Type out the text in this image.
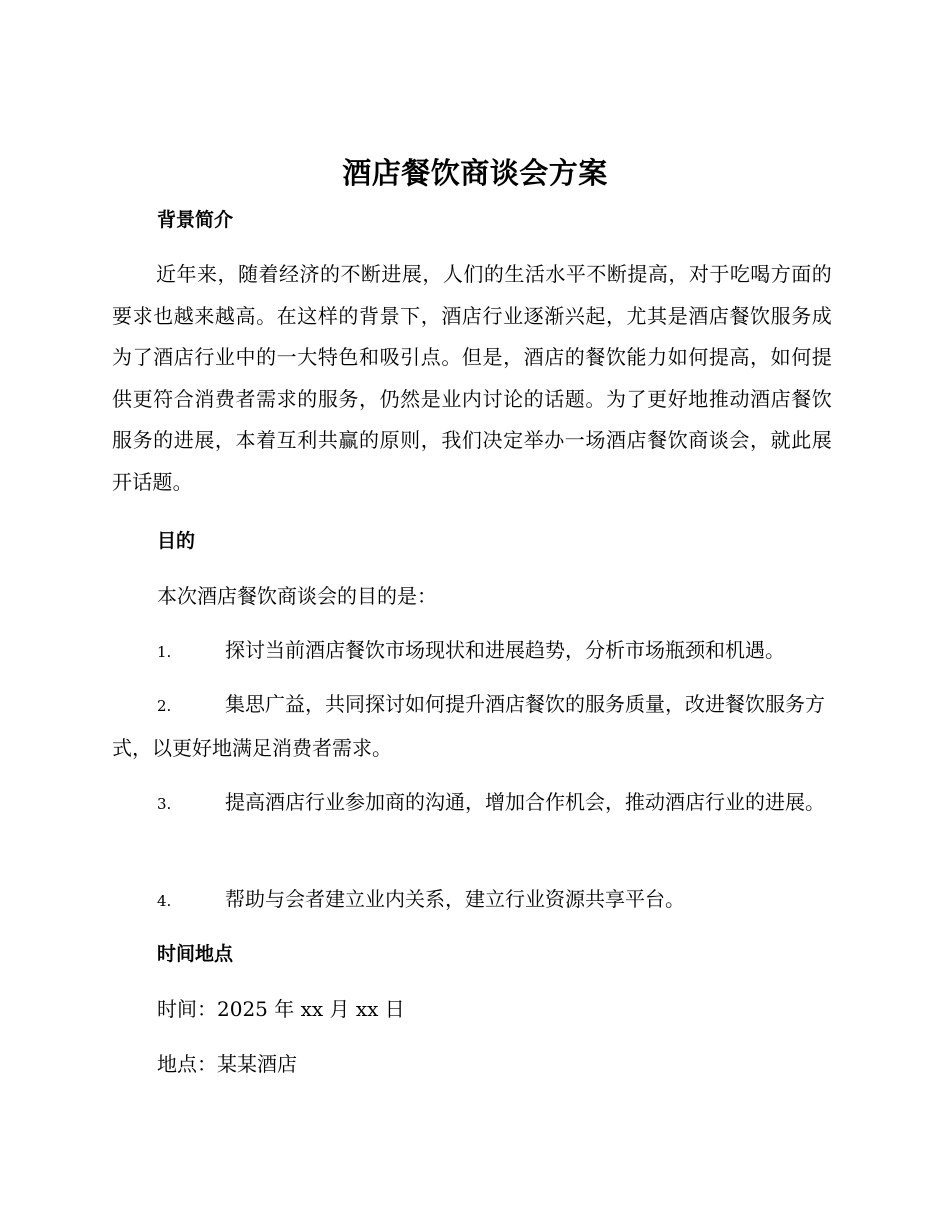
酒店餐饮商谈会方案
背景简介

近年来，随着经济的不断进展，人们的生活水平不断提高，对于吃喝方面的要求也越来越高。在这样的背景下，酒店行业逐渐兴起，尤其是酒店餐饮服务成为了酒店行业中的一大特色和吸引点。但是，酒店的餐饮能力如何提高，如何提供更符合消费者需求的服务，仍然是业内讨论的话题。为了更好地推动酒店餐饮服务的进展，本着互利共赢的原则，我们决定举办一场酒店餐饮商谈会，就此展开话题。

目的

本次酒店餐饮商谈会的目的是：

1.	探讨当前酒店餐饮市场现状和进展趋势，分析市场瓶颈和机遇。

2.	集思广益，共同探讨如何提升酒店餐饮的服务质量，改进餐饮服务方式，以更好地满足消费者需求。

3.	提高酒店行业参加商的沟通，增加合作机会，推动酒店行业的进展。

4.	帮助与会者建立业内关系，建立行业资源共享平台。

时间地点

时间：2025 年 xx 月 xx 日

地点：某某酒店
